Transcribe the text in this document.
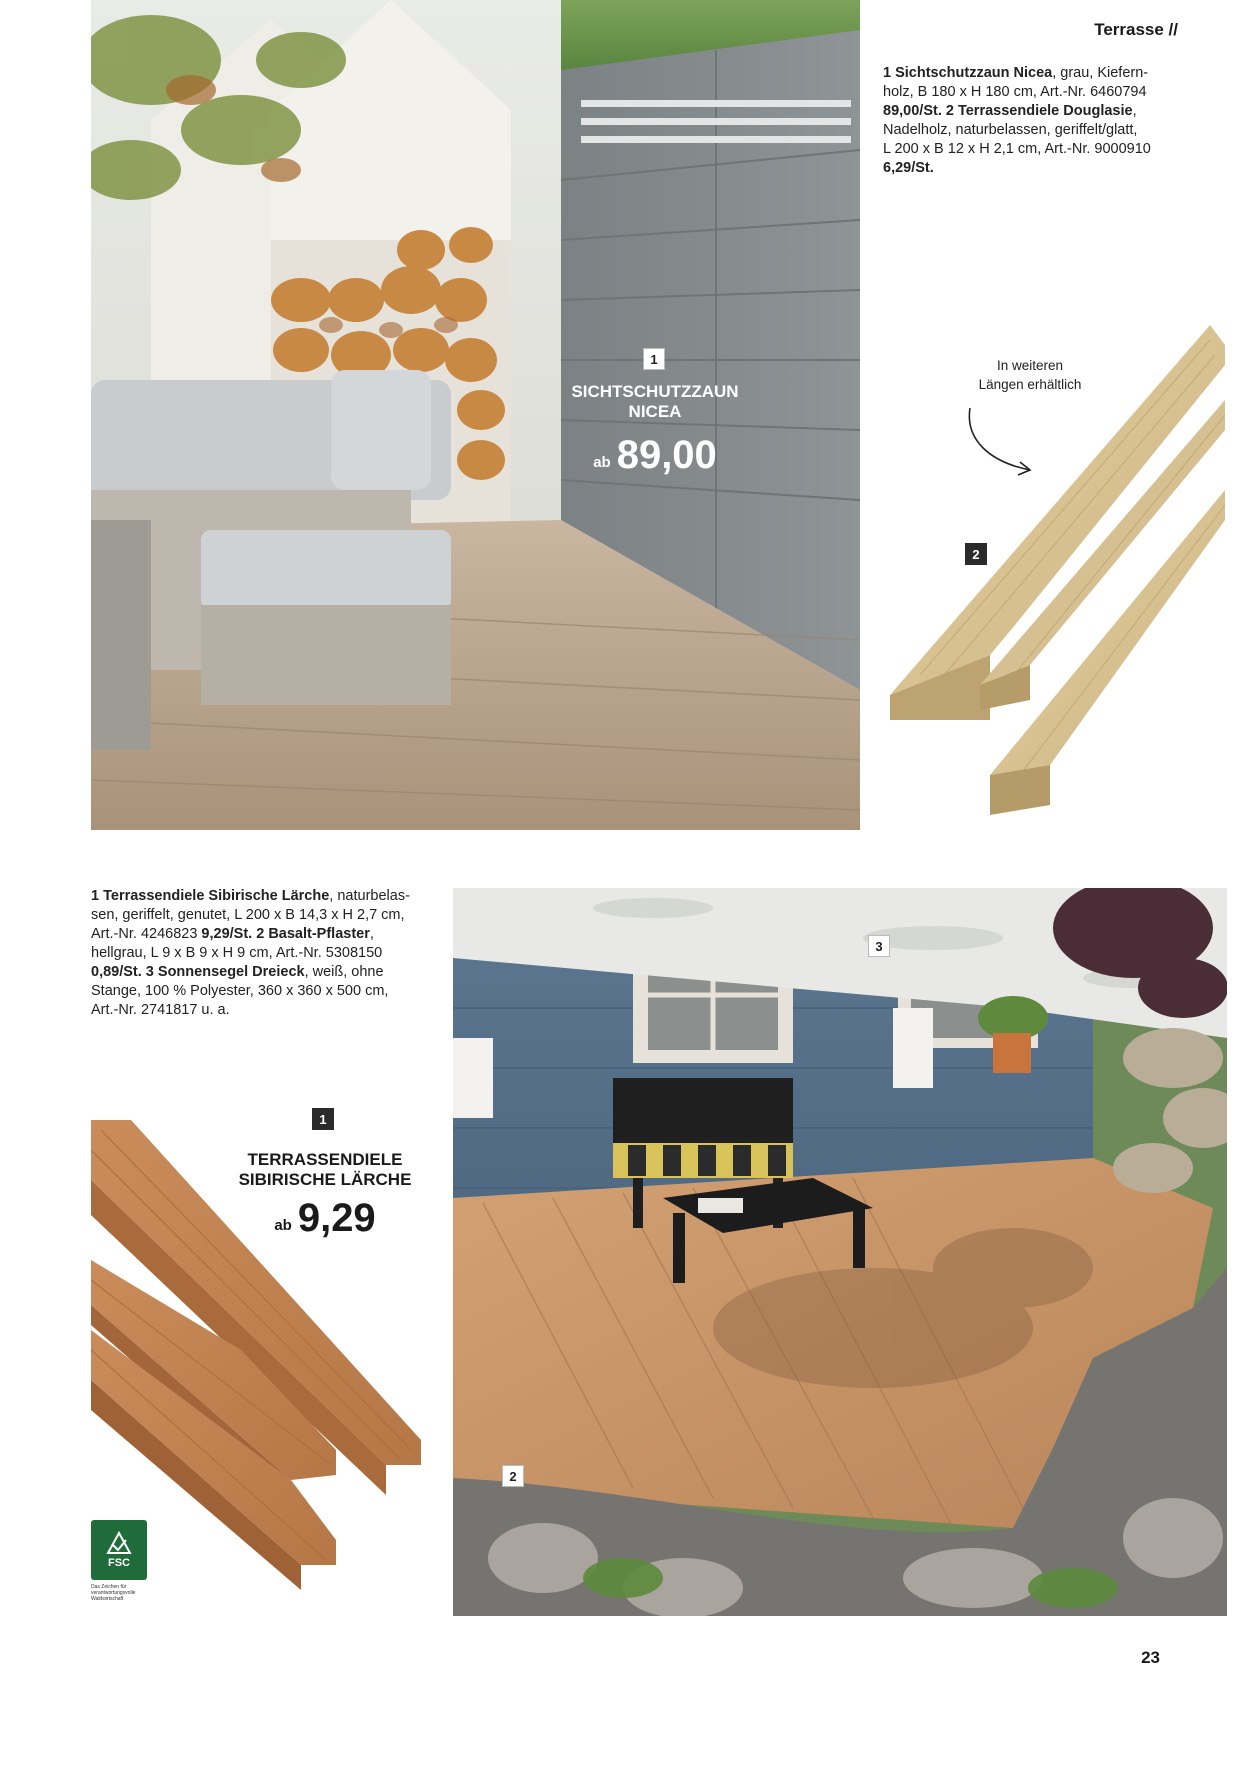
1
SICHTSCHUTZZAUN
NICEA
ab 89,00
Terrasse //
1 Sichtschutzzaun Nicea, grau, Kiefern-
holz, B 180 x H 180 cm, Art.-Nr. 6460794
89,00/St. 2 Terrassendiele Douglasie,
Nadelholz, naturbelassen, geriffelt/glatt,
L 200 x B 12 x H 2,1 cm, Art.-Nr. 9000910
6,29/St.
In weiteren
Längen erhältlich
2
1 Terrassendiele Sibirische Lärche, naturbelas-
sen, geriffelt, genutet, L 200 x B 14,3 x H 2,7 cm,
Art.-Nr. 4246823 9,29/St. 2 Basalt-Pflaster,
hellgrau, L 9 x B 9 x H 9 cm, Art.-Nr. 5308150
0,89/St. 3 Sonnensegel Dreieck, weiß, ohne
Stange, 100 % Polyester, 360 x 360 x 500 cm,
Art.-Nr. 2741817 u. a.
1
TERRASSENDIELE
SIBIRISCHE LÄRCHE
ab 9,29
FSC
Das Zeichen für verantwortungsvolle Waldwirtschaft
3
2
23
